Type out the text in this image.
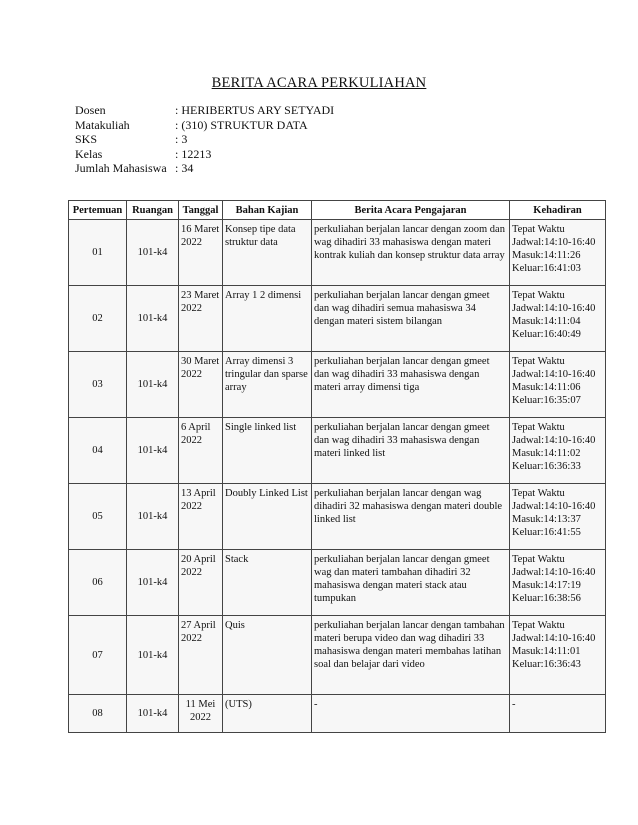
BERITA ACARA PERKULIAHAN
Dosen	: HERIBERTUS ARY SETYADI
Matakuliah	: (310) STRUKTUR DATA
SKS	: 3
Kelas	: 12213
Jumlah Mahasiswa : 34
Pertemuan	Ruangan	Tanggal	Bahan Kajian	Berita Acara Pengajaran	Kehadiran
01	101-k4	16 Maret 2022	Konsep tipe data struktur data	perkuliahan berjalan lancar dengan zoom dan wag dihadiri 33 mahasiswa dengan materi kontrak kuliah dan konsep struktur data array	Tepat Waktu
Jadwal:14:10-16:40
Masuk:14:11:26
Keluar:16:41:03

02	101-k4	23 Maret 2022	Array 1 2 dimensi	perkuliahan berjalan lancar dengan gmeet dan wag dihadiri semua mahasiswa 34 dengan materi sistem bilangan	Tepat Waktu
Jadwal:14:10-16:40
Masuk:14:11:04
Keluar:16:40:49

03	101-k4	30 Maret 2022	Array dimensi 3 tringular dan sparse array	perkuliahan berjalan lancar dengan gmeet dan wag dihadiri 33 mahasiswa dengan materi array dimensi tiga	Tepat Waktu
Jadwal:14:10-16:40
Masuk:14:11:06
Keluar:16:35:07

04	101-k4	6 April 2022	Single linked list	perkuliahan berjalan lancar dengan gmeet dan wag dihadiri 33 mahasiswa dengan materi linked list	Tepat Waktu
Jadwal:14:10-16:40
Masuk:14:11:02
Keluar:16:36:33

05	101-k4	13 April 2022	Doubly Linked List	perkuliahan berjalan lancar dengan wag dihadiri 32 mahasiswa dengan materi double linked list	Tepat Waktu
Jadwal:14:10-16:40
Masuk:14:13:37
Keluar:16:41:55

06	101-k4	20 April 2022	Stack	perkuliahan berjalan lancar dengan gmeet wag dan materi tambahan dihadiri 32 mahasiswa dengan materi stack atau tumpukan	Tepat Waktu
Jadwal:14:10-16:40
Masuk:14:17:19
Keluar:16:38:56

07	101-k4	27 April 2022	Quis	perkuliahan berjalan lancar dengan tambahan materi berupa video dan wag dihadiri 33 mahasiswa dengan materi membahas latihan soal dan belajar dari video	Tepat Waktu
Jadwal:14:10-16:40
Masuk:14:11:01
Keluar:16:36:43

08	101-k4	11 Mei 2022	(UTS)	-	-
